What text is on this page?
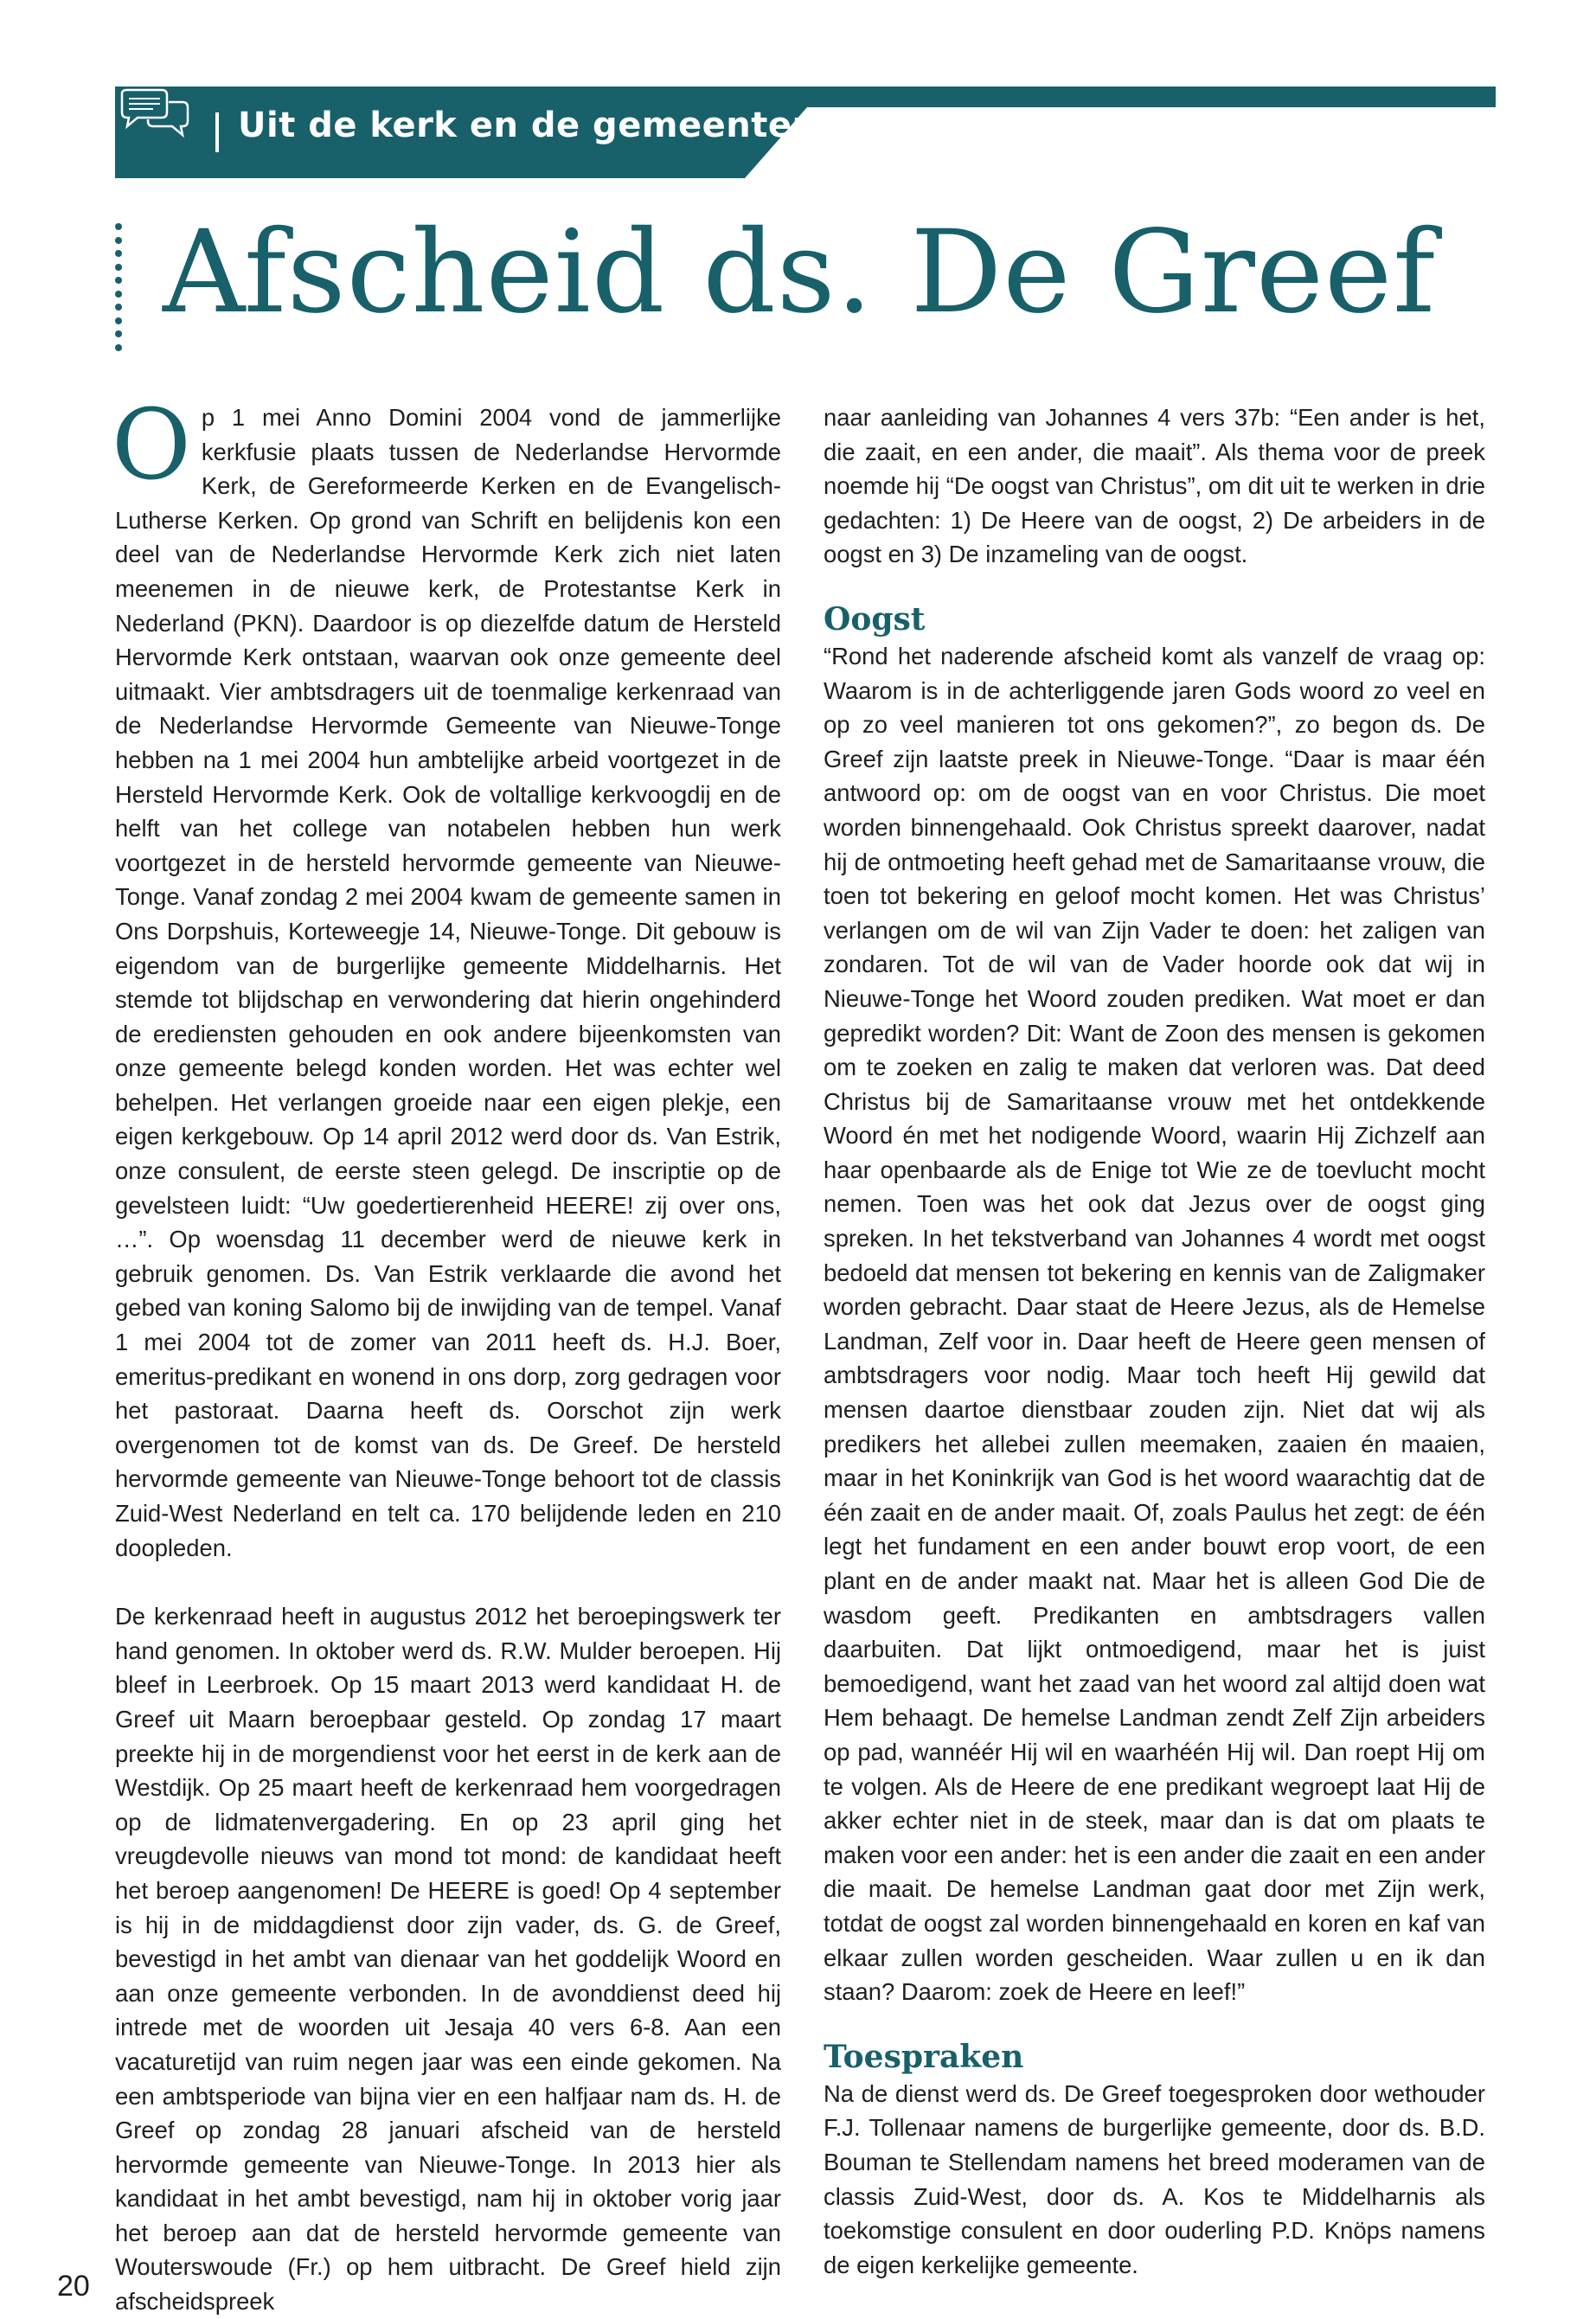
Uit de kerk en de gemeenten
Afscheid ds. De Greef

Op 1 mei Anno Domini 2004 vond de jammerlijke kerkfusie plaats tussen de Nederlandse Hervormde Kerk, de Gereformeerde Kerken en de Evangelisch-Lutherse Kerken. Op grond van Schrift en belijdenis kon een deel van de Nederlandse Hervormde Kerk zich niet laten meenemen in de nieuwe kerk, de Protestantse Kerk in Nederland (PKN). Daardoor is op diezelfde datum de Hersteld Hervormde Kerk ontstaan, waarvan ook onze gemeente deel uitmaakt. Vier ambtsdragers uit de toenmalige kerkenraad van de Nederlandse Hervormde Gemeente van Nieuwe-Tonge hebben na 1 mei 2004 hun ambtelijke arbeid voortgezet in de Hersteld Hervormde Kerk. Ook de voltallige kerkvoogdij en de helft van het college van notabelen hebben hun werk voortgezet in de hersteld hervormde gemeente van Nieuwe-Tonge. Vanaf zondag 2 mei 2004 kwam de gemeente samen in Ons Dorpshuis, Korteweegje 14, Nieuwe-Tonge. Dit gebouw is eigendom van de burgerlijke gemeente Middelharnis. Het stemde tot blijdschap en verwondering dat hierin ongehinderd de erediensten gehouden en ook andere bijeenkomsten van onze gemeente belegd konden worden. Het was echter wel behelpen. Het verlangen groeide naar een eigen plekje, een eigen kerkgebouw. Op 14 april 2012 werd door ds. Van Estrik, onze consulent, de eerste steen gelegd. De inscriptie op de gevelsteen luidt: “Uw goedertierenheid HEERE! zij over ons, …”. Op woensdag 11 december werd de nieuwe kerk in gebruik genomen. Ds. Van Estrik verklaarde die avond het gebed van koning Salomo bij de inwijding van de tempel. Vanaf 1 mei 2004 tot de zomer van 2011 heeft ds. H.J. Boer, emeritus-predikant en wonend in ons dorp, zorg gedragen voor het pastoraat. Daarna heeft ds. Oorschot zijn werk overgenomen tot de komst van ds. De Greef. De hersteld hervormde gemeente van Nieuwe-Tonge behoort tot de classis Zuid-West Nederland en telt ca. 170 belijdende leden en 210 doopleden.

De kerkenraad heeft in augustus 2012 het beroepingswerk ter hand genomen. In oktober werd ds. R.W. Mulder beroepen. Hij bleef in Leerbroek. Op 15 maart 2013 werd kandidaat H. de Greef uit Maarn beroepbaar gesteld. Op zondag 17 maart preekte hij in de morgendienst voor het eerst in de kerk aan de Westdijk. Op 25 maart heeft de kerkenraad hem voorgedragen op de lidmatenvergadering. En op 23 april ging het vreugdevolle nieuws van mond tot mond: de kandidaat heeft het beroep aangenomen! De HEERE is goed! Op 4 september is hij in de middagdienst door zijn vader, ds. G. de Greef, bevestigd in het ambt van dienaar van het goddelijk Woord en aan onze gemeente verbonden. In de avonddienst deed hij intrede met de woorden uit Jesaja 40 vers 6-8. Aan een vacaturetijd van ruim negen jaar was een einde gekomen. Na een ambtsperiode van bijna vier en een halfjaar nam ds. H. de Greef op zondag 28 januari afscheid van de hersteld hervormde gemeente van Nieuwe-Tonge. In 2013 hier als kandidaat in het ambt bevestigd, nam hij in oktober vorig jaar het beroep aan dat de hersteld hervormde gemeente van Wouterswoude (Fr.) op hem uitbracht. De Greef hield zijn afscheidspreek

naar aanleiding van Johannes 4 vers 37b: “Een ander is het, die zaait, en een ander, die maait”. Als thema voor de preek noemde hij “De oogst van Christus”, om dit uit te werken in drie gedachten: 1) De Heere van de oogst, 2) De arbeiders in de oogst en 3) De inzameling van de oogst.

Oogst

“Rond het naderende afscheid komt als vanzelf de vraag op: Waarom is in de achterliggende jaren Gods woord zo veel en op zo veel manieren tot ons gekomen?”, zo begon ds. De Greef zijn laatste preek in Nieuwe-Tonge. “Daar is maar één antwoord op: om de oogst van en voor Christus. Die moet worden binnengehaald. Ook Christus spreekt daarover, nadat hij de ontmoeting heeft gehad met de Samaritaanse vrouw, die toen tot bekering en geloof mocht komen. Het was Christus’ verlangen om de wil van Zijn Vader te doen: het zaligen van zondaren. Tot de wil van de Vader hoorde ook dat wij in Nieuwe-Tonge het Woord zouden prediken. Wat moet er dan gepredikt worden? Dit: Want de Zoon des mensen is gekomen om te zoeken en zalig te maken dat verloren was. Dat deed Christus bij de Samaritaanse vrouw met het ontdekkende Woord én met het nodigende Woord, waarin Hij Zichzelf aan haar openbaarde als de Enige tot Wie ze de toevlucht mocht nemen. Toen was het ook dat Jezus over de oogst ging spreken. In het tekstverband van Johannes 4 wordt met oogst bedoeld dat mensen tot bekering en kennis van de Zaligmaker worden gebracht. Daar staat de Heere Jezus, als de Hemelse Landman, Zelf voor in. Daar heeft de Heere geen mensen of ambtsdragers voor nodig. Maar toch heeft Hij gewild dat mensen daartoe dienstbaar zouden zijn. Niet dat wij als predikers het allebei zullen meemaken, zaaien én maaien, maar in het Koninkrijk van God is het woord waarachtig dat de één zaait en de ander maait. Of, zoals Paulus het zegt: de één legt het fundament en een ander bouwt erop voort, de een plant en de ander maakt nat. Maar het is alleen God Die de wasdom geeft. Predikanten en ambtsdragers vallen daarbuiten. Dat lijkt ontmoedigend, maar het is juist bemoedigend, want het zaad van het woord zal altijd doen wat Hem behaagt. De hemelse Landman zendt Zelf Zijn arbeiders op pad, wannéér Hij wil en waarhéén Hij wil. Dan roept Hij om te volgen. Als de Heere de ene predikant wegroept laat Hij de akker echter niet in de steek, maar dan is dat om plaats te maken voor een ander: het is een ander die zaait en een ander die maait. De hemelse Landman gaat door met Zijn werk, totdat de oogst zal worden binnengehaald en koren en kaf van elkaar zullen worden gescheiden. Waar zullen u en ik dan staan? Daarom: zoek de Heere en leef!”

Toespraken

Na de dienst werd ds. De Greef toegesproken door wethouder F.J. Tollenaar namens de burgerlijke gemeente, door ds. B.D. Bouman te Stellendam namens het breed moderamen van de classis Zuid-West, door ds. A. Kos te Middelharnis als toekomstige consulent en door ouderling P.D. Knöps namens de eigen kerkelijke gemeente.

20
